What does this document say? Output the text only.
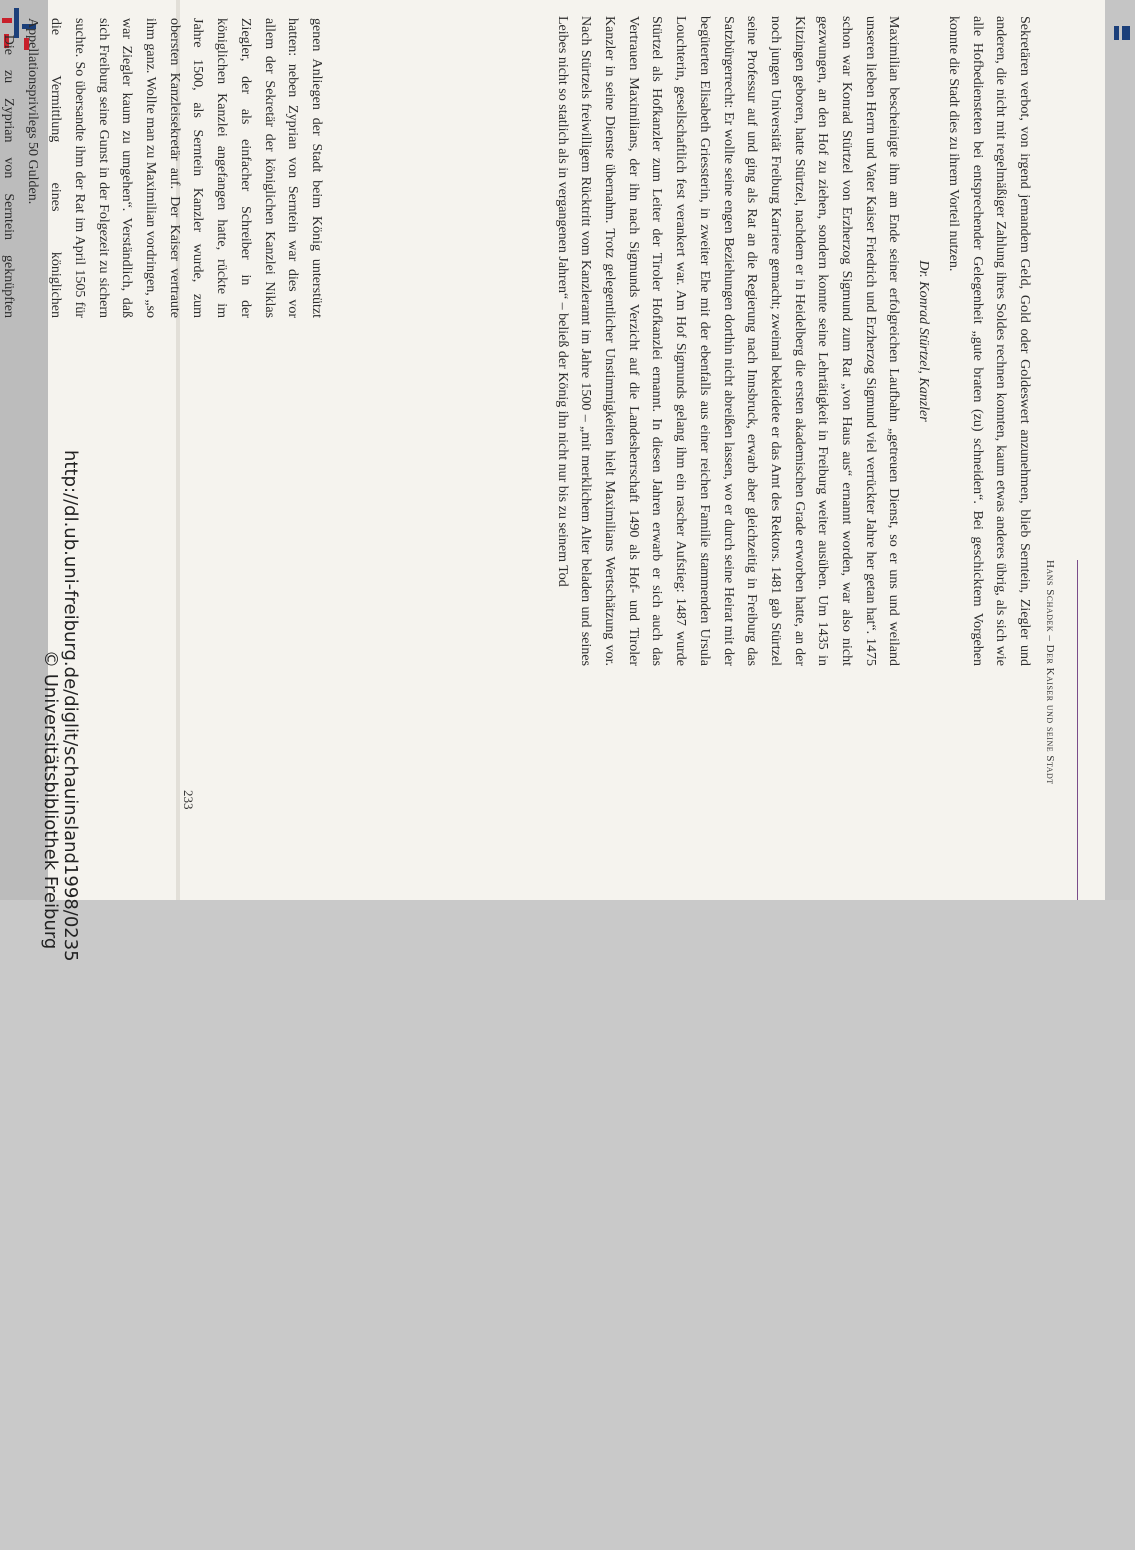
genen Anliegen der Stadt beim König unterstützt hatten: neben Zyprian von Serntein war dies vor allem der Sekretär der königlichen Kanzlei Niklas Ziegler, der als einfacher Schreiber in der königlichen Kanzlei angefangen hatte, rückte im Jahre 1500, als Serntein Kanzler wurde, zum obersten Kanzleisekretär auf. Der Kaiser vertraute ihm ganz. Wollte man zu Maximilian vordringen, „so war Ziegler kaum zu umgehen“. Verständlich, daß sich Freiburg seine Gunst in der Folgezeit zu sichern suchte. So übersandte ihm der Rat im April 1505 für die Vermittlung eines königlichen Appellationsprivilegs 50 Gulden.

Die zu Zyprian von Serntein geknüpften	Sekretären verbot, von irgend jemandem Geld, Gold oder Goldeswert anzunehmen, blieb Serntein, Ziegler und anderen, die nicht mit regelmäßiger Zahlung ihres Soldes rechnen konnten, kaum etwas anderes übrig, als sich wie alle Hofbediensteten bei entsprechender Gelegenheit „gute braten (zu) schneiden“. Bei geschicktem Vorgehen konnte die Stadt dies zu ihrem Vorteil nutzen.

Dr. Konrad Stürtzel, Kanzler

Maximilian bescheinigte ihm am Ende seiner erfolgreichen Laufbahn „getreuen Dienst, so er uns und weiland unseren lieben Herrn und Vater Kaiser Friedrich und Erzherzog Sigmund viel verrückter Jahre her getan hat“. 1475 schon war Konrad Stürtzel von Erzherzog Sigmund zum Rat „von Haus aus“ ernannt worden, war also nicht gezwungen, an den Hof zu ziehen, sondern konnte seine Lehrtätigkeit in Freiburg weiter ausüben. Um 1435 in Kitzingen geboren, hatte Stürtzel, nachdem er in Heidelberg die ersten akademischen Grade erworben hatte, an der noch jungen Universität Freiburg Karriere gemacht; zweimal bekleidete er das Amt des Rektors. 1481 gab Stürtzel seine Professur auf und ging als Rat an die Regierung nach Innsbruck, erwarb aber gleichzeitig in Freiburg das Satzbürgerrecht: Er wollte seine engen Beziehungen dorthin nicht abreißen lassen, wo er durch seine Heirat mit der begüterten Elisabeth Griessterin, in zweiter Ehe mit der ebenfalls aus einer reichen Familie stammenden Ursula Louchterin, gesellschaftlich fest verankert war. Am Hof Sigmunds gelang ihm ein rascher Aufstieg: 1487 wurde Stürtzel als Hofkanzler zum Leiter der Tiroler Hofkanzlei ernannt. In diesen Jahren erwarb er sich auch das Vertrauen Maximilians, der ihn nach Sigmunds Verzicht auf die Landesherrschaft 1490 als Hof- und Tiroler Kanzler in seine Dienste übernahm. Trotz gelegentlicher Unstimmigkeiten hielt Maximilians Wertschätzung vor. Nach Stürtzels freiwilligem Rücktritt vom Kanzleramt im Jahre 1500 – „mit merklichem Alter beladen und seines Leibes nicht so statlich als in vergangenen Jahren“ – beließ der König ihn nicht nur bis zu seinem Tod

Hans Schadek – Der Kaiser und seine Stadt
233
http://dl.ub.uni-freiburg.de/diglit/schauinsland1998/0235
© Universitätsbibliothek Freiburg
